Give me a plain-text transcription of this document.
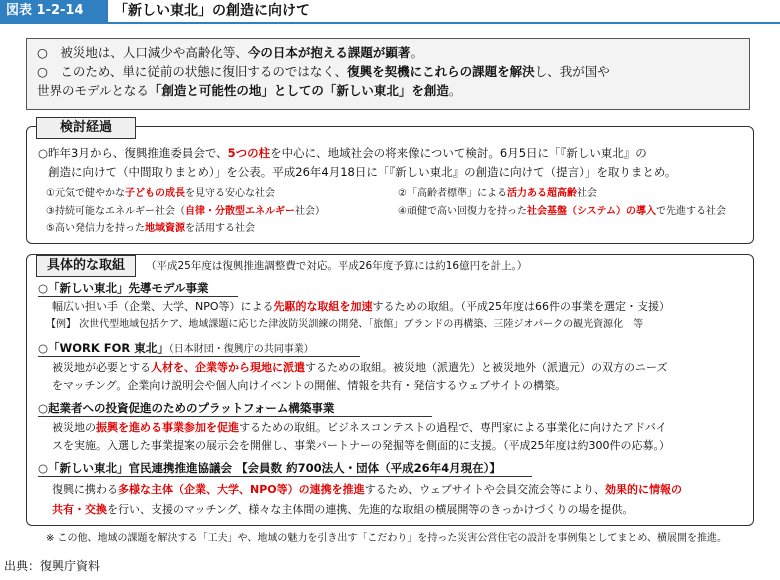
図表 1-2-14	「新しい東北」の創造に向けて

○　被災地は、人口減少や高齢化等、今の日本が抱える課題が顕著。

○　このため、単に従前の状態に復旧するのではなく、復興を契機にこれらの課題を解決し、我が国や

世界のモデルとなる「創造と可能性の地」としての「新しい東北」を創造。

検討経過
○昨年3月から、復興推進委員会で、5つの柱を中心に、地域社会の将来像について検討。6月5日に「『新しい東北』の
創造に向けて（中間取りまとめ）」を公表。平成26年4月18日に「『新しい東北』の創造に向けて（提言）」を取りまとめ。
①元気で健やかな子どもの成長を見守る安心な社会	②「高齢者標準」による活力ある超高齢社会
③持続可能なエネルギー社会（自律・分散型エネルギー社会）	④頑健で高い回復力を持った社会基盤（システム）の導入で先進する社会
⑤高い発信力を持った地域資源を活用する社会
具体的な取組	（平成25年度は復興推進調整費で対応。平成26年度予算には約16億円を計上。）
○「新しい東北」先導モデル事業
幅広い担い手（企業、大学、NPO等）による先駆的な取組を加速するための取組。（平成25年度は66件の事業を選定・支援）
【例】 次世代型地域包括ケア、地域課題に応じた津波防災訓練の開発、「旅館」ブランドの再構築、三陸ジオパークの観光資源化　等
○「WORK FOR 東北」（日本財団・復興庁の共同事業）
被災地が必要とする人材を、企業等から現地に派遣するための取組。被災地（派遣先）と被災地外（派遣元）の双方のニーズ
をマッチング。企業向け説明会や個人向けイベントの開催、情報を共有・発信するウェブサイトの構築。
○起業者への投資促進のためのプラットフォーム構築事業
被災地の振興を進める事業参加を促進するための取組。ビジネスコンテストの過程で、専門家による事業化に向けたアドバイ
スを実施。入選した事業提案の展示会を開催し、事業パートナーの発掘等を側面的に支援。（平成25年度は約300件の応募。）
○「新しい東北」官民連携推進協議会 【会員数 約700法人・団体（平成26年4月現在）】
復興に携わる多様な主体（企業、大学、NPO等）の連携を推進するため、ウェブサイトや会員交流会等により、効果的に情報の
共有・交換を行い、支援のマッチング、様々な主体間の連携、先進的な取組の横展開等のきっかけづくりの場を提供。
※ この他、地域の課題を解決する「工夫」や、地域の魅力を引き出す「こだわり」を持った災害公営住宅の設計を事例集としてまとめ、横展開を推進。
出典：復興庁資料
